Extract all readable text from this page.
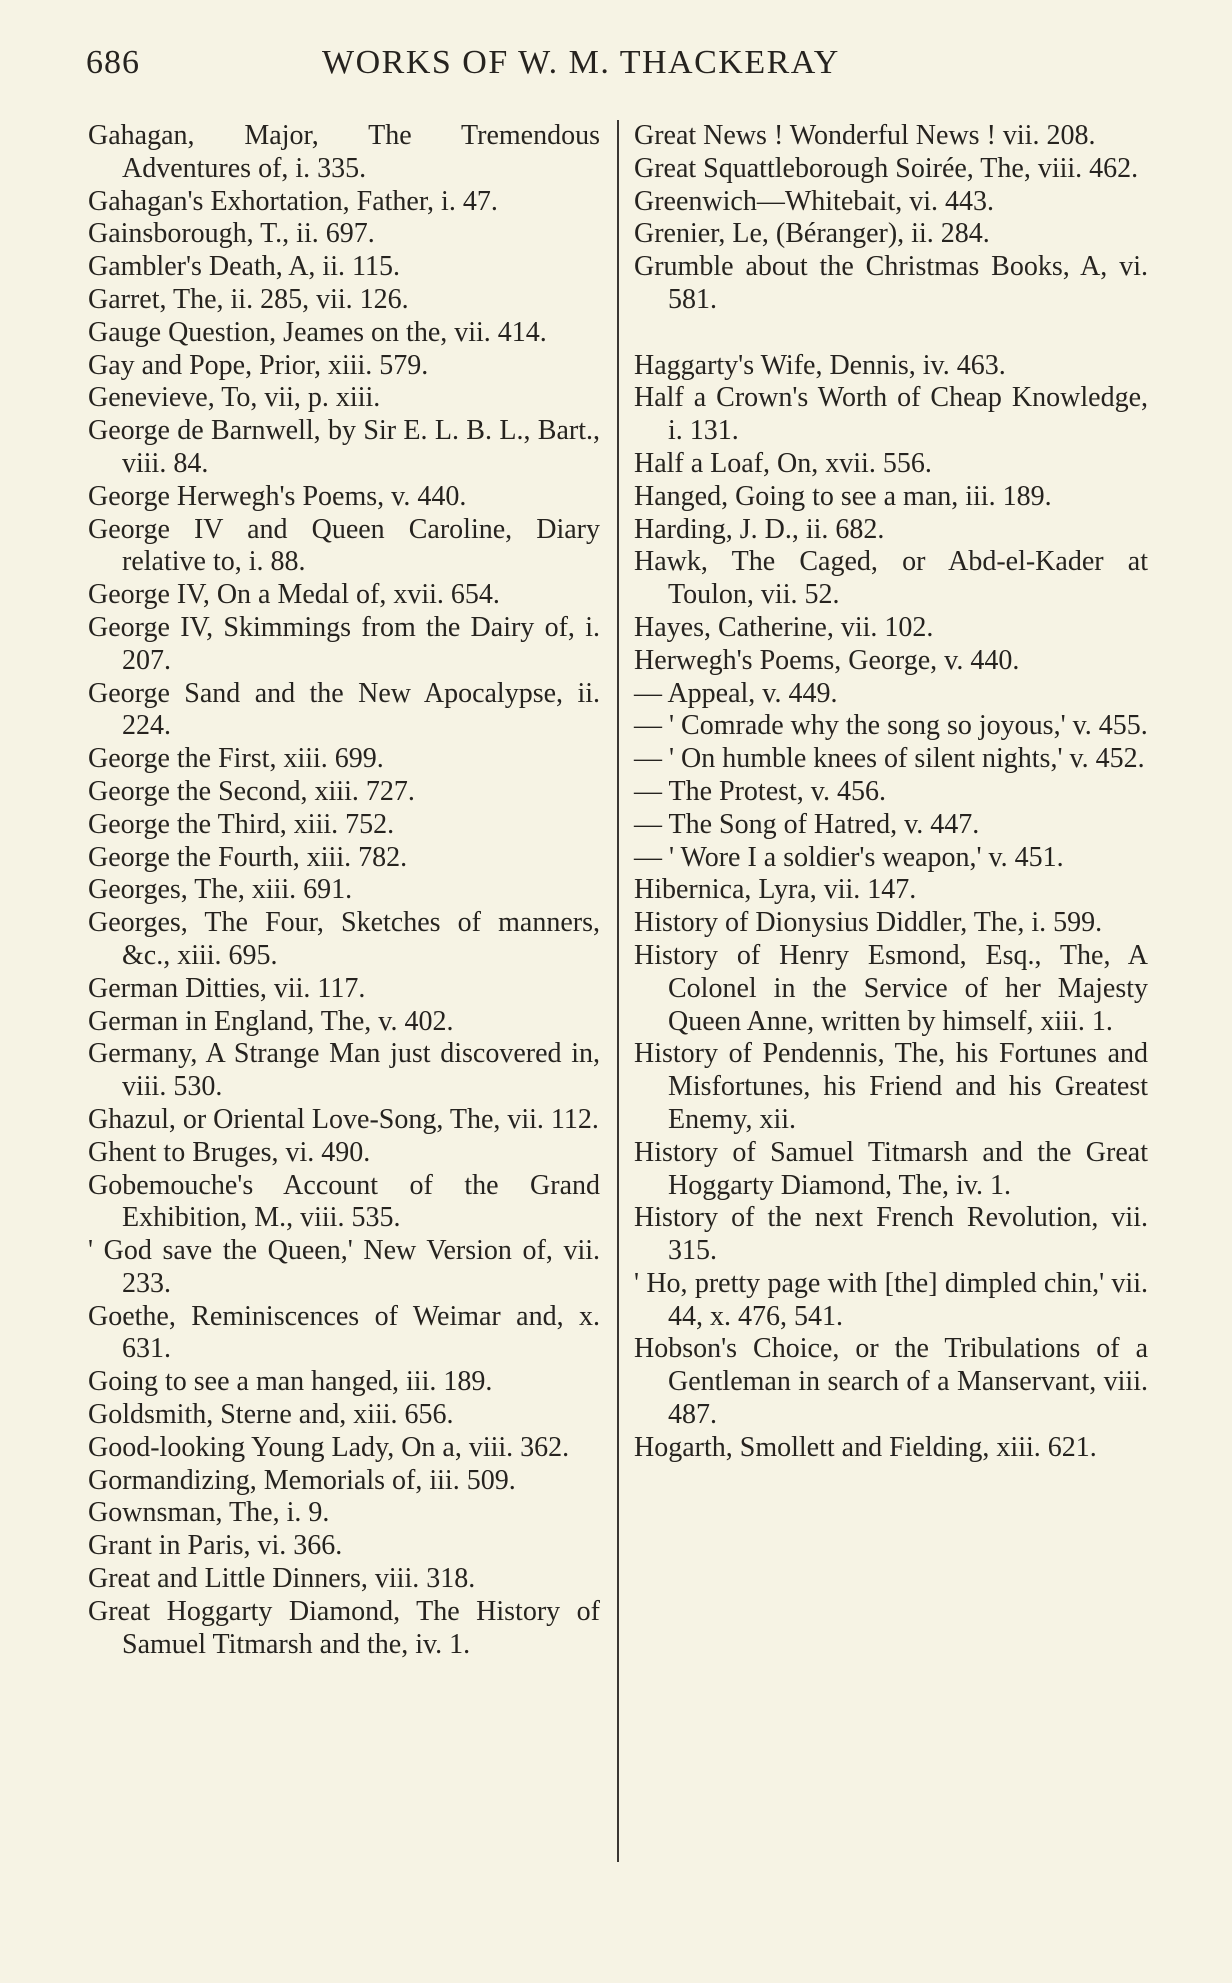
686	WORKS OF W. M. THACKERAY

Gahagan, Major, The Tremendous Adventures of, i. 335.

Gahagan's Exhortation, Father, i. 47.

Gainsborough, T., ii. 697.

Gambler's Death, A, ii. 115.

Garret, The, ii. 285, vii. 126.

Gauge Question, Jeames on the, vii. 414.

Gay and Pope, Prior, xiii. 579.

Genevieve, To, vii, p. xiii.

George de Barnwell, by Sir E. L. B. L., Bart., viii. 84.

George Herwegh's Poems, v. 440.

George IV and Queen Caroline, Diary relative to, i. 88.

George IV, On a Medal of, xvii. 654.

George IV, Skimmings from the Dairy of, i. 207.

George Sand and the New Apocalypse, ii. 224.

George the First, xiii. 699.

George the Second, xiii. 727.

George the Third, xiii. 752.

George the Fourth, xiii. 782.

Georges, The, xiii. 691.

Georges, The Four, Sketches of manners, &c., xiii. 695.

German Ditties, vii. 117.

German in England, The, v. 402.

Germany, A Strange Man just discovered in, viii. 530.

Ghazul, or Oriental Love-Song, The, vii. 112.

Ghent to Bruges, vi. 490.

Gobemouche's Account of the Grand Exhibition, M., viii. 535.

' God save the Queen,' New Version of, vii. 233.

Goethe, Reminiscences of Weimar and, x. 631.

Going to see a man hanged, iii. 189.

Goldsmith, Sterne and, xiii. 656.

Good-looking Young Lady, On a, viii. 362.

Gormandizing, Memorials of, iii. 509.

Gownsman, The, i. 9.

Grant in Paris, vi. 366.

Great and Little Dinners, viii. 318.

Great Hoggarty Diamond, The History of Samuel Titmarsh and the, iv. 1.

Great News ! Wonderful News ! vii. 208.

Great Squattleborough Soirée, The, viii. 462.

Greenwich—Whitebait, vi. 443.

Grenier, Le, (Béranger), ii. 284.

Grumble about the Christmas Books, A, vi. 581.

Haggarty's Wife, Dennis, iv. 463.

Half a Crown's Worth of Cheap Knowledge, i. 131.

Half a Loaf, On, xvii. 556.

Hanged, Going to see a man, iii. 189.

Harding, J. D., ii. 682.

Hawk, The Caged, or Abd-el-Kader at Toulon, vii. 52.

Hayes, Catherine, vii. 102.

Herwegh's Poems, George, v. 440.

— Appeal, v. 449.

— ' Comrade why the song so joyous,' v. 455.

— ' On humble knees of silent nights,' v. 452.

— The Protest, v. 456.

— The Song of Hatred, v. 447.

— ' Wore I a soldier's weapon,' v. 451.

Hibernica, Lyra, vii. 147.

History of Dionysius Diddler, The, i. 599.

History of Henry Esmond, Esq., The, A Colonel in the Service of her Majesty Queen Anne, written by himself, xiii. 1.

History of Pendennis, The, his Fortunes and Misfortunes, his Friend and his Greatest Enemy, xii.

History of Samuel Titmarsh and the Great Hoggarty Diamond, The, iv. 1.

History of the next French Revolution, vii. 315.

' Ho, pretty page with [the] dimpled chin,' vii. 44, x. 476, 541.

Hobson's Choice, or the Tribulations of a Gentleman in search of a Manservant, viii. 487.

Hogarth, Smollett and Fielding, xiii. 621.
